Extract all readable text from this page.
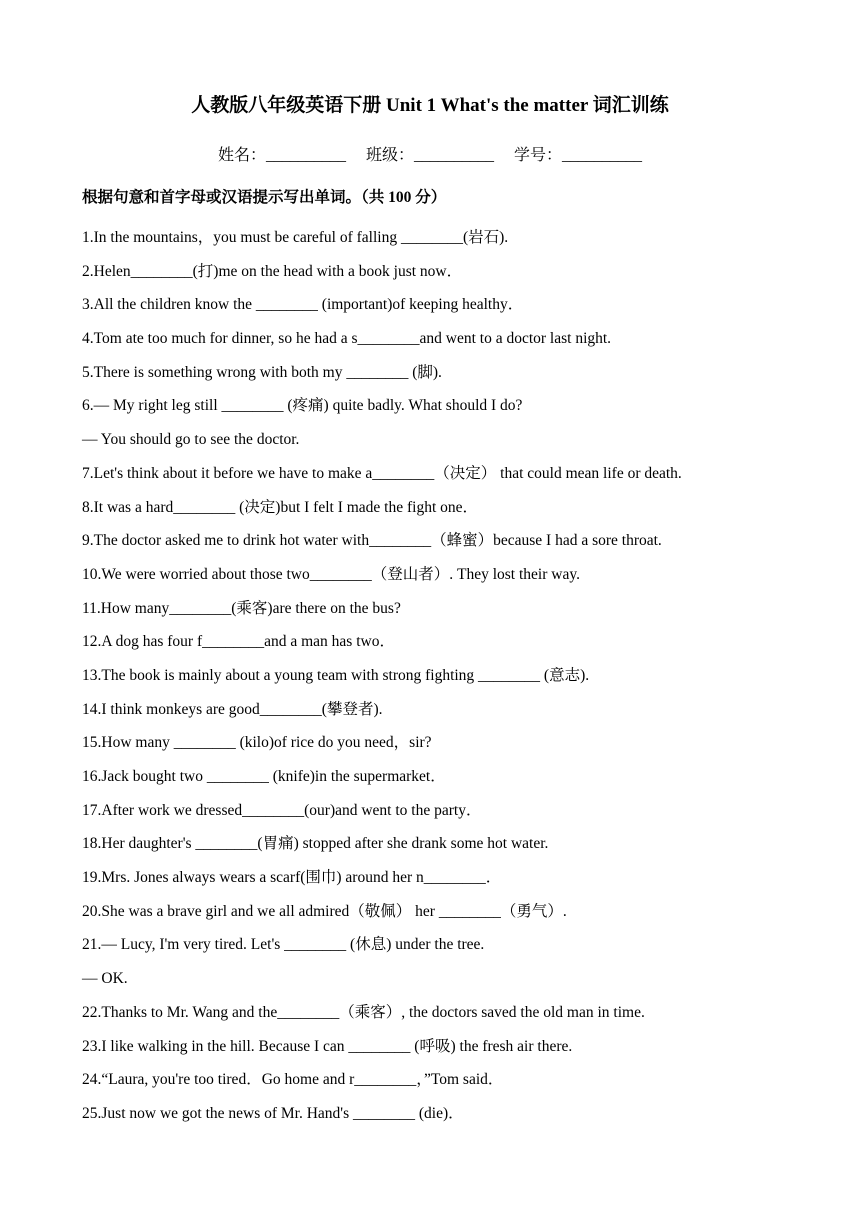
人教版八年级英语下册 Unit 1 What's the matter 词汇训练
姓名：__________ 班级：__________ 学号：__________
根据句意和首字母或汉语提示写出单词。（共 100 分）
1.In the mountains，you must be careful of falling ________(岩石).
2.Helen________(打)me on the head with a book just now．
3.All the children know the ________ (important)of keeping healthy．
4.Tom ate too much for dinner, so he had a s________and went to a doctor last night.
5.There is something wrong with both my ________ (脚).
6.— My right leg still ________ (疼痛) quite badly. What should I do?
— You should go to see the doctor.
7.Let's think about it before we have to make a________（决定） that could mean life or death.
8.It was a hard________ (决定)but I felt I made the fight one．
9.The doctor asked me to drink hot water with________（蜂蜜）because I had a sore throat.
10.We were worried about those two________（登山者）. They lost their way.
11.How many________(乘客)are there on the bus?
12.A dog has four f________and a man has two．
13.The book is mainly about a young team with strong fighting ________ (意志).
14.I think monkeys are good________(攀登者).
15.How many ________ (kilo)of rice do you need，sir?
16.Jack bought two ________ (knife)in the supermarket．
17.After work we dressed________(our)and went to the party．
18.Her daughter's ________(胃痛) stopped after she drank some hot water.
19.Mrs. Jones always wears a scarf(围巾) around her n________．
20.She was a brave girl and we all admired（敬佩） her ________（勇气）.
21.— Lucy, I'm very tired. Let's ________ (休息) under the tree.
— OK.
22.Thanks to Mr. Wang and the________（乘客）, the doctors saved the old man in time.
23.I like walking in the hill. Because I can ________ (呼吸) the fresh air there.
24.“Laura, you're too tired．Go home and r________，”Tom said．
25.Just now we got the news of Mr. Hand's ________ (die)．
